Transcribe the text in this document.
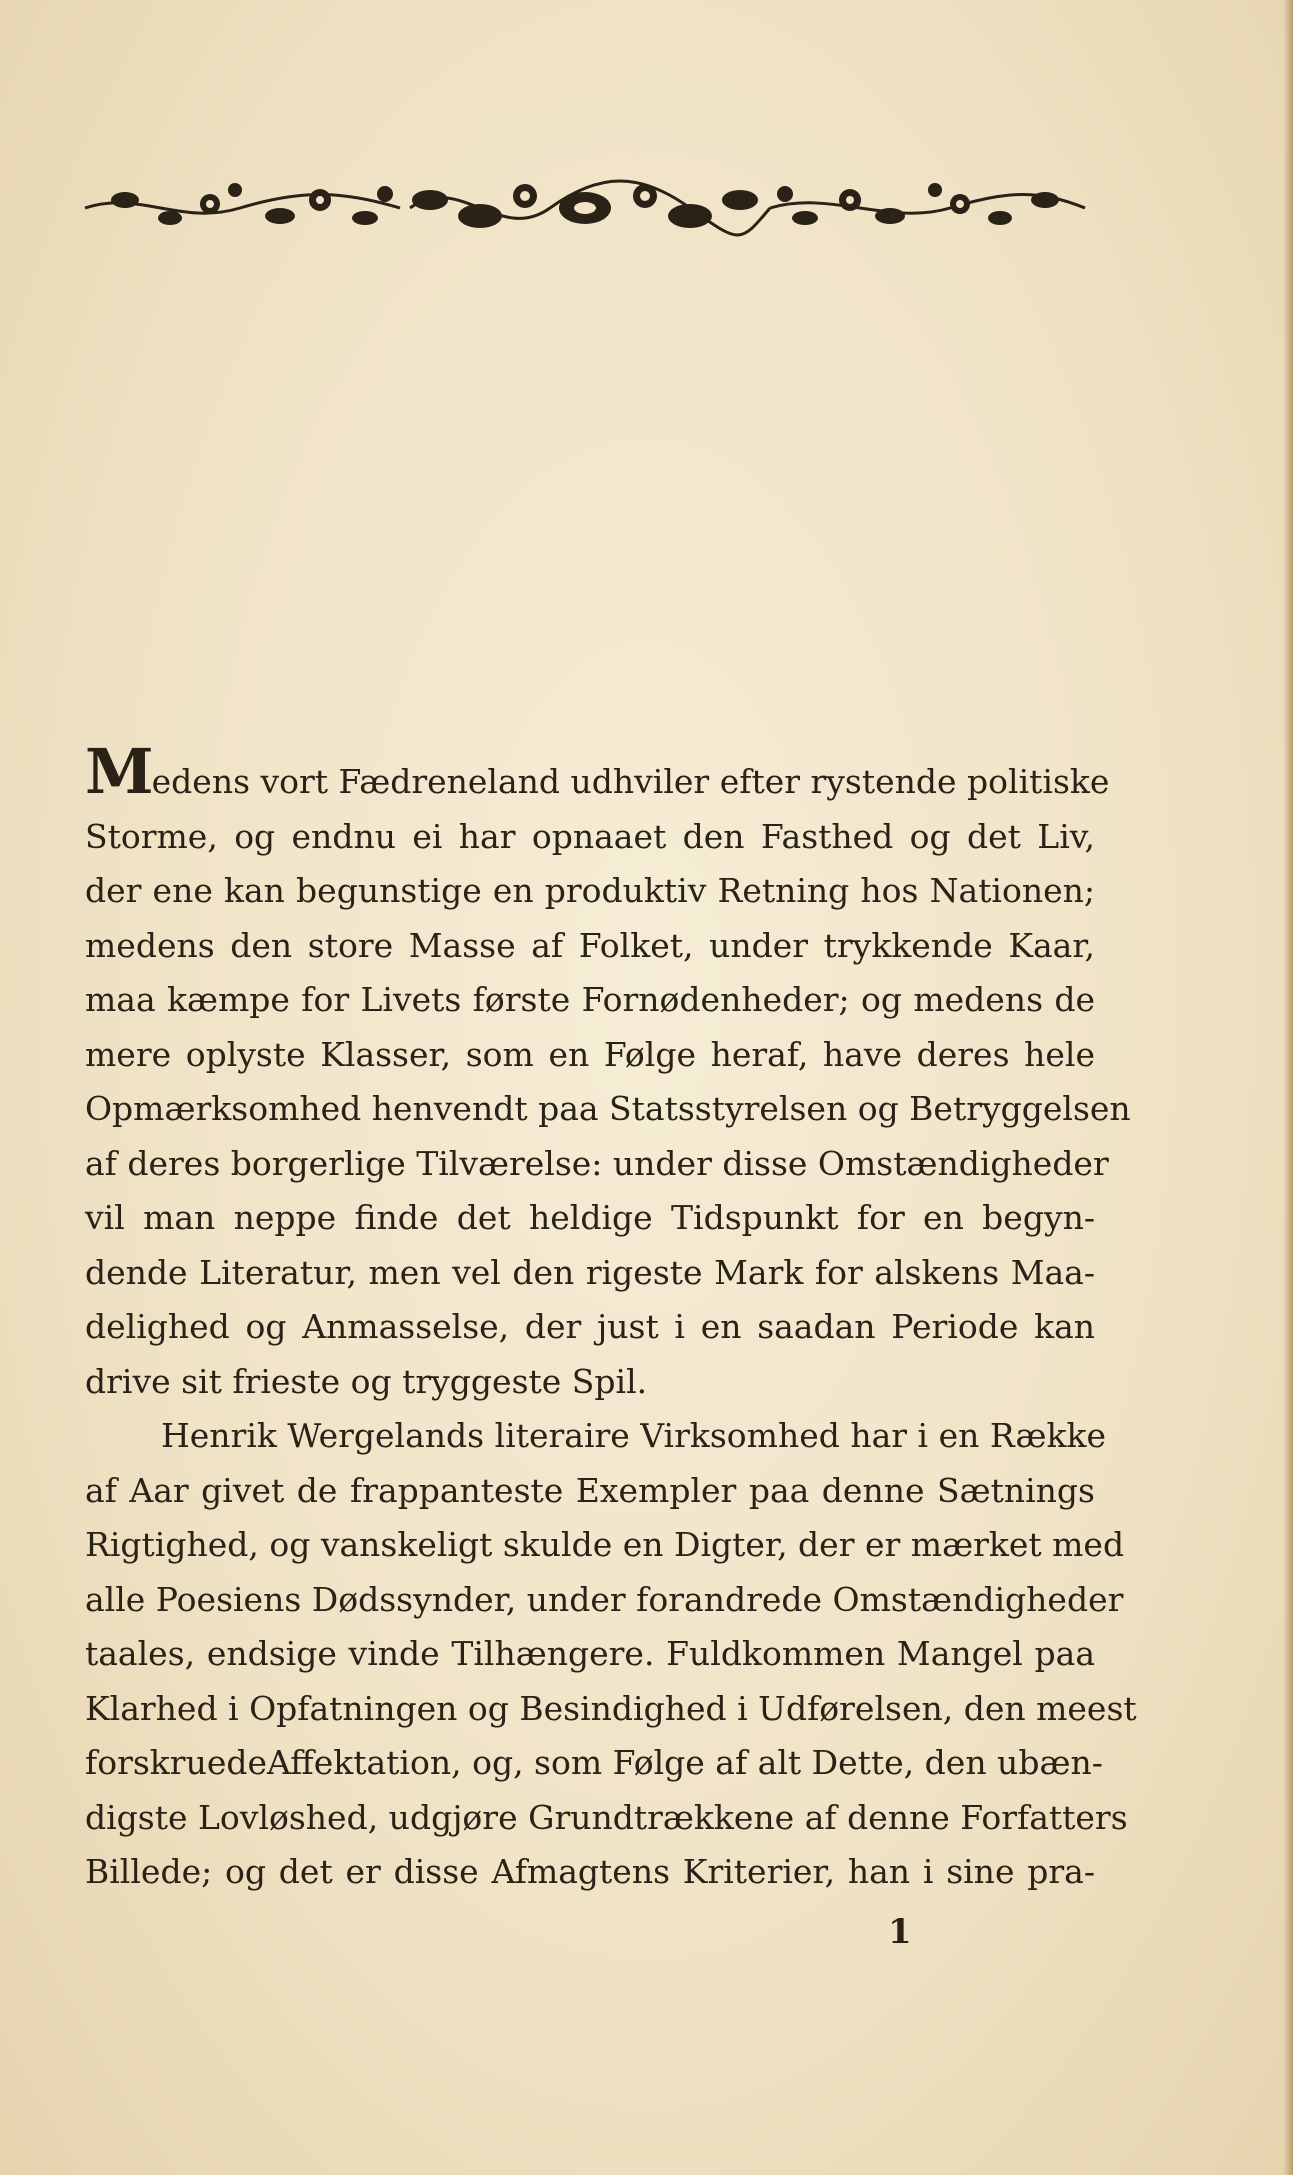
Medens vort Fædreneland udhviler efter rystende politiske
Storme, og endnu ei har opnaaet den Fasthed og det Liv,
der ene kan begunstige en produktiv Retning hos Nationen;
medens den store Masse af Folket, under trykkende Kaar,
maa kæmpe for Livets første Fornødenheder; og medens de
mere oplyste Klasser, som en Følge heraf, have deres hele
Opmærksomhed henvendt paa Statsstyrelsen og Betryggelsen
af deres borgerlige Tilværelse: under disse Omstændigheder
vil man neppe finde det heldige Tidspunkt for en begyn-
dende Literatur, men vel den rigeste Mark for alskens Maa-
delighed og Anmasselse, der just i en saadan Periode kan
drive sit frieste og tryggeste Spil.

Henrik Wergelands literaire Virksomhed har i en Række
af Aar givet de frappanteste Exempler paa denne Sætnings
Rigtighed, og vanskeligt skulde en Digter, der er mærket med
alle Poesiens Dødssynder, under forandrede Omstændigheder
taales, endsige vinde Tilhængere. Fuldkommen Mangel paa
Klarhed i Opfatningen og Besindighed i Udførelsen, den meest
forskruedeAffektation, og, som Følge af alt Dette, den ubæn-
digste Lovløshed, udgjøre Grundtrækkene af denne Forfatters
Billede; og det er disse Afmagtens Kriterier, han i sine pra-

1
